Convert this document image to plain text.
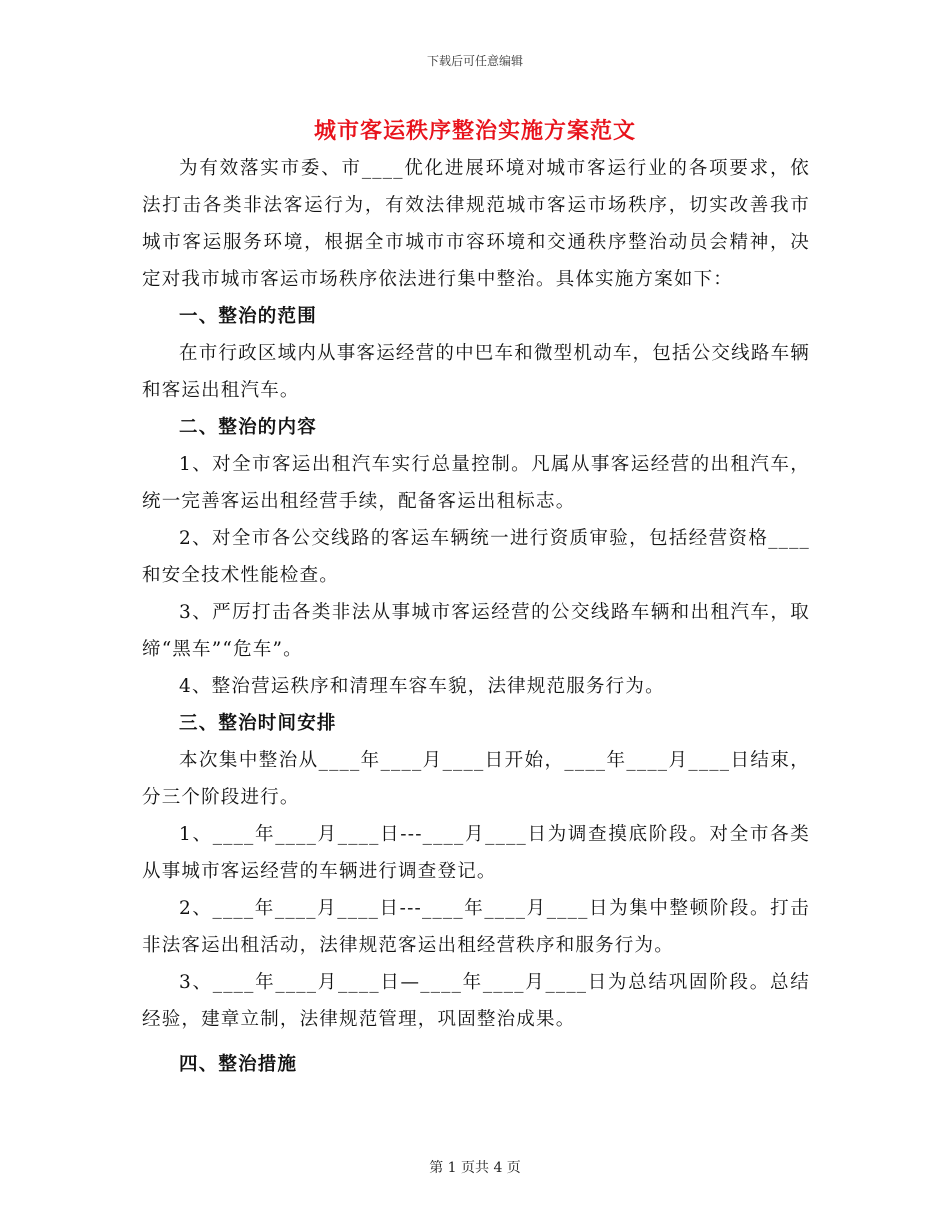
下载后可任意编辑
城市客运秩序整治实施方案范文

为有效落实市委、市____优化进展环境对城市客运行业的各项要求，依法打击各类非法客运行为，有效法律规范城市客运市场秩序，切实改善我市城市客运服务环境，根据全市城市市容环境和交通秩序整治动员会精神，决定对我市城市客运市场秩序依法进行集中整治。具体实施方案如下：

一、整治的范围

在市行政区域内从事客运经营的中巴车和微型机动车，包括公交线路车辆和客运出租汽车。

二、整治的内容

1、对全市客运出租汽车实行总量控制。凡属从事客运经营的出租汽车，统一完善客运出租经营手续，配备客运出租标志。

2、对全市各公交线路的客运车辆统一进行资质审验，包括经营资格____和安全技术性能检查。

3、严厉打击各类非法从事城市客运经营的公交线路车辆和出租汽车，取缔“黑车”“危车”。

4、整治营运秩序和清理车容车貌，法律规范服务行为。

三、整治时间安排

本次集中整治从____年____月____日开始，____年____月____日结束，分三个阶段进行。

1、____年____月____日---____月____日为调查摸底阶段。对全市各类从事城市客运经营的车辆进行调查登记。

2、____年____月____日---____年____月____日为集中整顿阶段。打击非法客运出租活动，法律规范客运出租经营秩序和服务行为。

3、____年____月____日—____年____月____日为总结巩固阶段。总结经验，建章立制，法律规范管理，巩固整治成果。

四、整治措施
第 1 页共 4 页
